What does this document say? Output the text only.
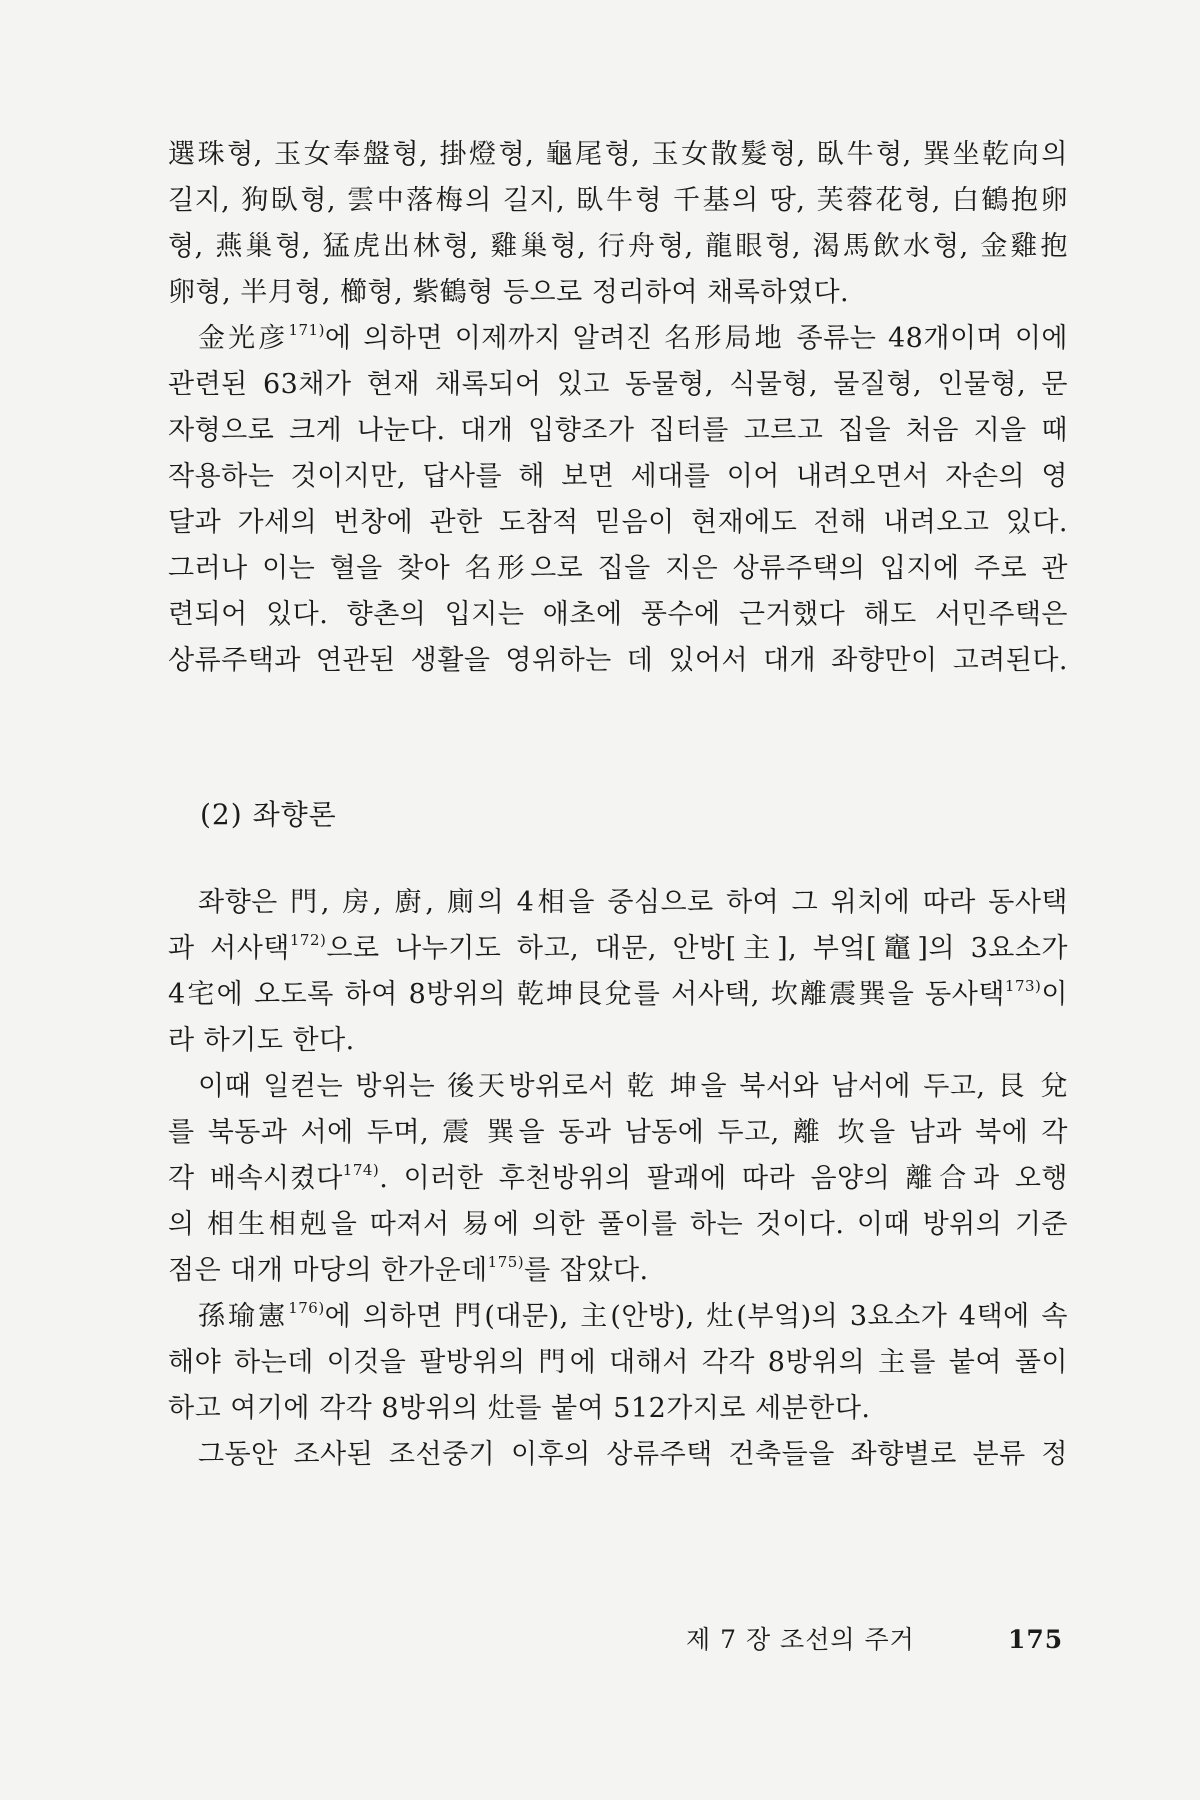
選珠형, 玉女奉盤형, 掛燈형, 龜尾형, 玉女散髮형, 臥牛형, 巽坐乾向의
길지, 狗臥형, 雲中落梅의 길지, 臥牛형 千基의 땅, 芙蓉花형, 白鶴抱卵
형, 燕巢형, 猛虎出林형, 雞巢형, 行舟형, 龍眼형, 渴馬飲水형, 金雞抱
卵형, 半月형, 櫛형, 紫鶴형 등으로 정리하여 채록하였다.
金光彦$^{171)}$에 의하면 이제까지 알려진 名形局地 종류는 48개이며 이에
관련된 63채가 현재 채록되어 있고 동물형, 식물형, 물질형, 인물형, 문
자형으로 크게 나눈다. 대개 입향조가 집터를 고르고 집을 처음 지을 때
작용하는 것이지만, 답사를 해 보면 세대를 이어 내려오면서 자손의 영
달과 가세의 번창에 관한 도참적 믿음이 현재에도 전해 내려오고 있다.
그러나 이는 혈을 찾아 名形으로 집을 지은 상류주택의 입지에 주로 관
련되어 있다. 향촌의 입지는 애초에 풍수에 근거했다 해도 서민주택은
상류주택과 연관된 생활을 영위하는 데 있어서 대개 좌향만이 고려된다.
(2) 좌향론
좌향은 門, 房, 廚, 廁의 4相을 중심으로 하여 그 위치에 따라 동사택
과 서사택$^{172)}$으로 나누기도 하고, 대문, 안방[主], 부엌[竈]의 3요소가
4宅에 오도록 하여 8방위의 乾坤艮兌를 서사택, 坎離震巽을 동사택$^{173)}$이
라 하기도 한다.
이때 일컫는 방위는 後天방위로서 乾 坤을 북서와 남서에 두고, 艮 兌
를 북동과 서에 두며, 震 巽을 동과 남동에 두고, 離 坎을 남과 북에 각
각 배속시켰다$^{174)}$. 이러한 후천방위의 팔괘에 따라 음양의 離合과 오행
의 相生相剋을 따져서 易에 의한 풀이를 하는 것이다. 이때 방위의 기준
점은 대개 마당의 한가운데$^{175)}$를 잡았다.
孫瑜憲$^{176)}$에 의하면 門(대문), 主(안방), 灶(부엌)의 3요소가 4택에 속
해야 하는데 이것을 팔방위의 門에 대해서 각각 8방위의 主를 붙여 풀이
하고 여기에 각각 8방위의 灶를 붙여 512가지로 세분한다.
그동안 조사된 조선중기 이후의 상류주택 건축들을 좌향별로 분류 정
제 7 장 조선의 주거	175
